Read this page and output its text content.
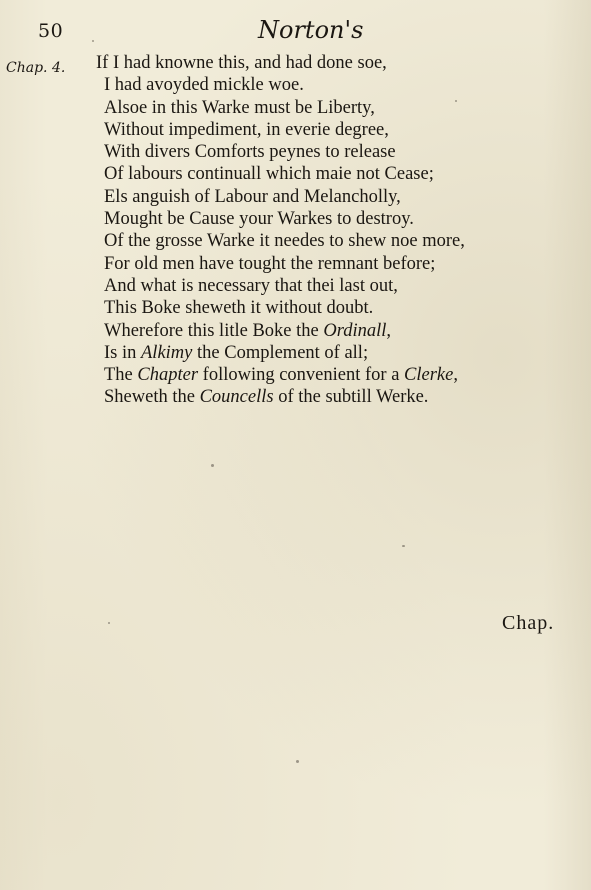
50	Norton's
Chap. 4. If I had knowne this, and had done soe,
I had avoyded mickle woe.
Alsoe in this Warke must be Liberty,
Without impediment, in everie degree,
With divers Comforts peynes to release
Of labours continuall which maie not Cease;
Els anguish of Labour and Melancholly,
Mought be Cause your Warkes to destroy.
Of the grosse Warke it needes to shew noe more,
For old men have tought the remnant before;
And what is necessary that thei last out,
This Boke sheweth it without doubt.
Wherefore this litle Boke the Ordinall,
Is in Alkimy the Complement of all;
The Chapter following convenient for a Clerke,
Sheweth the Councells of the subtill Werke.
Chap.
